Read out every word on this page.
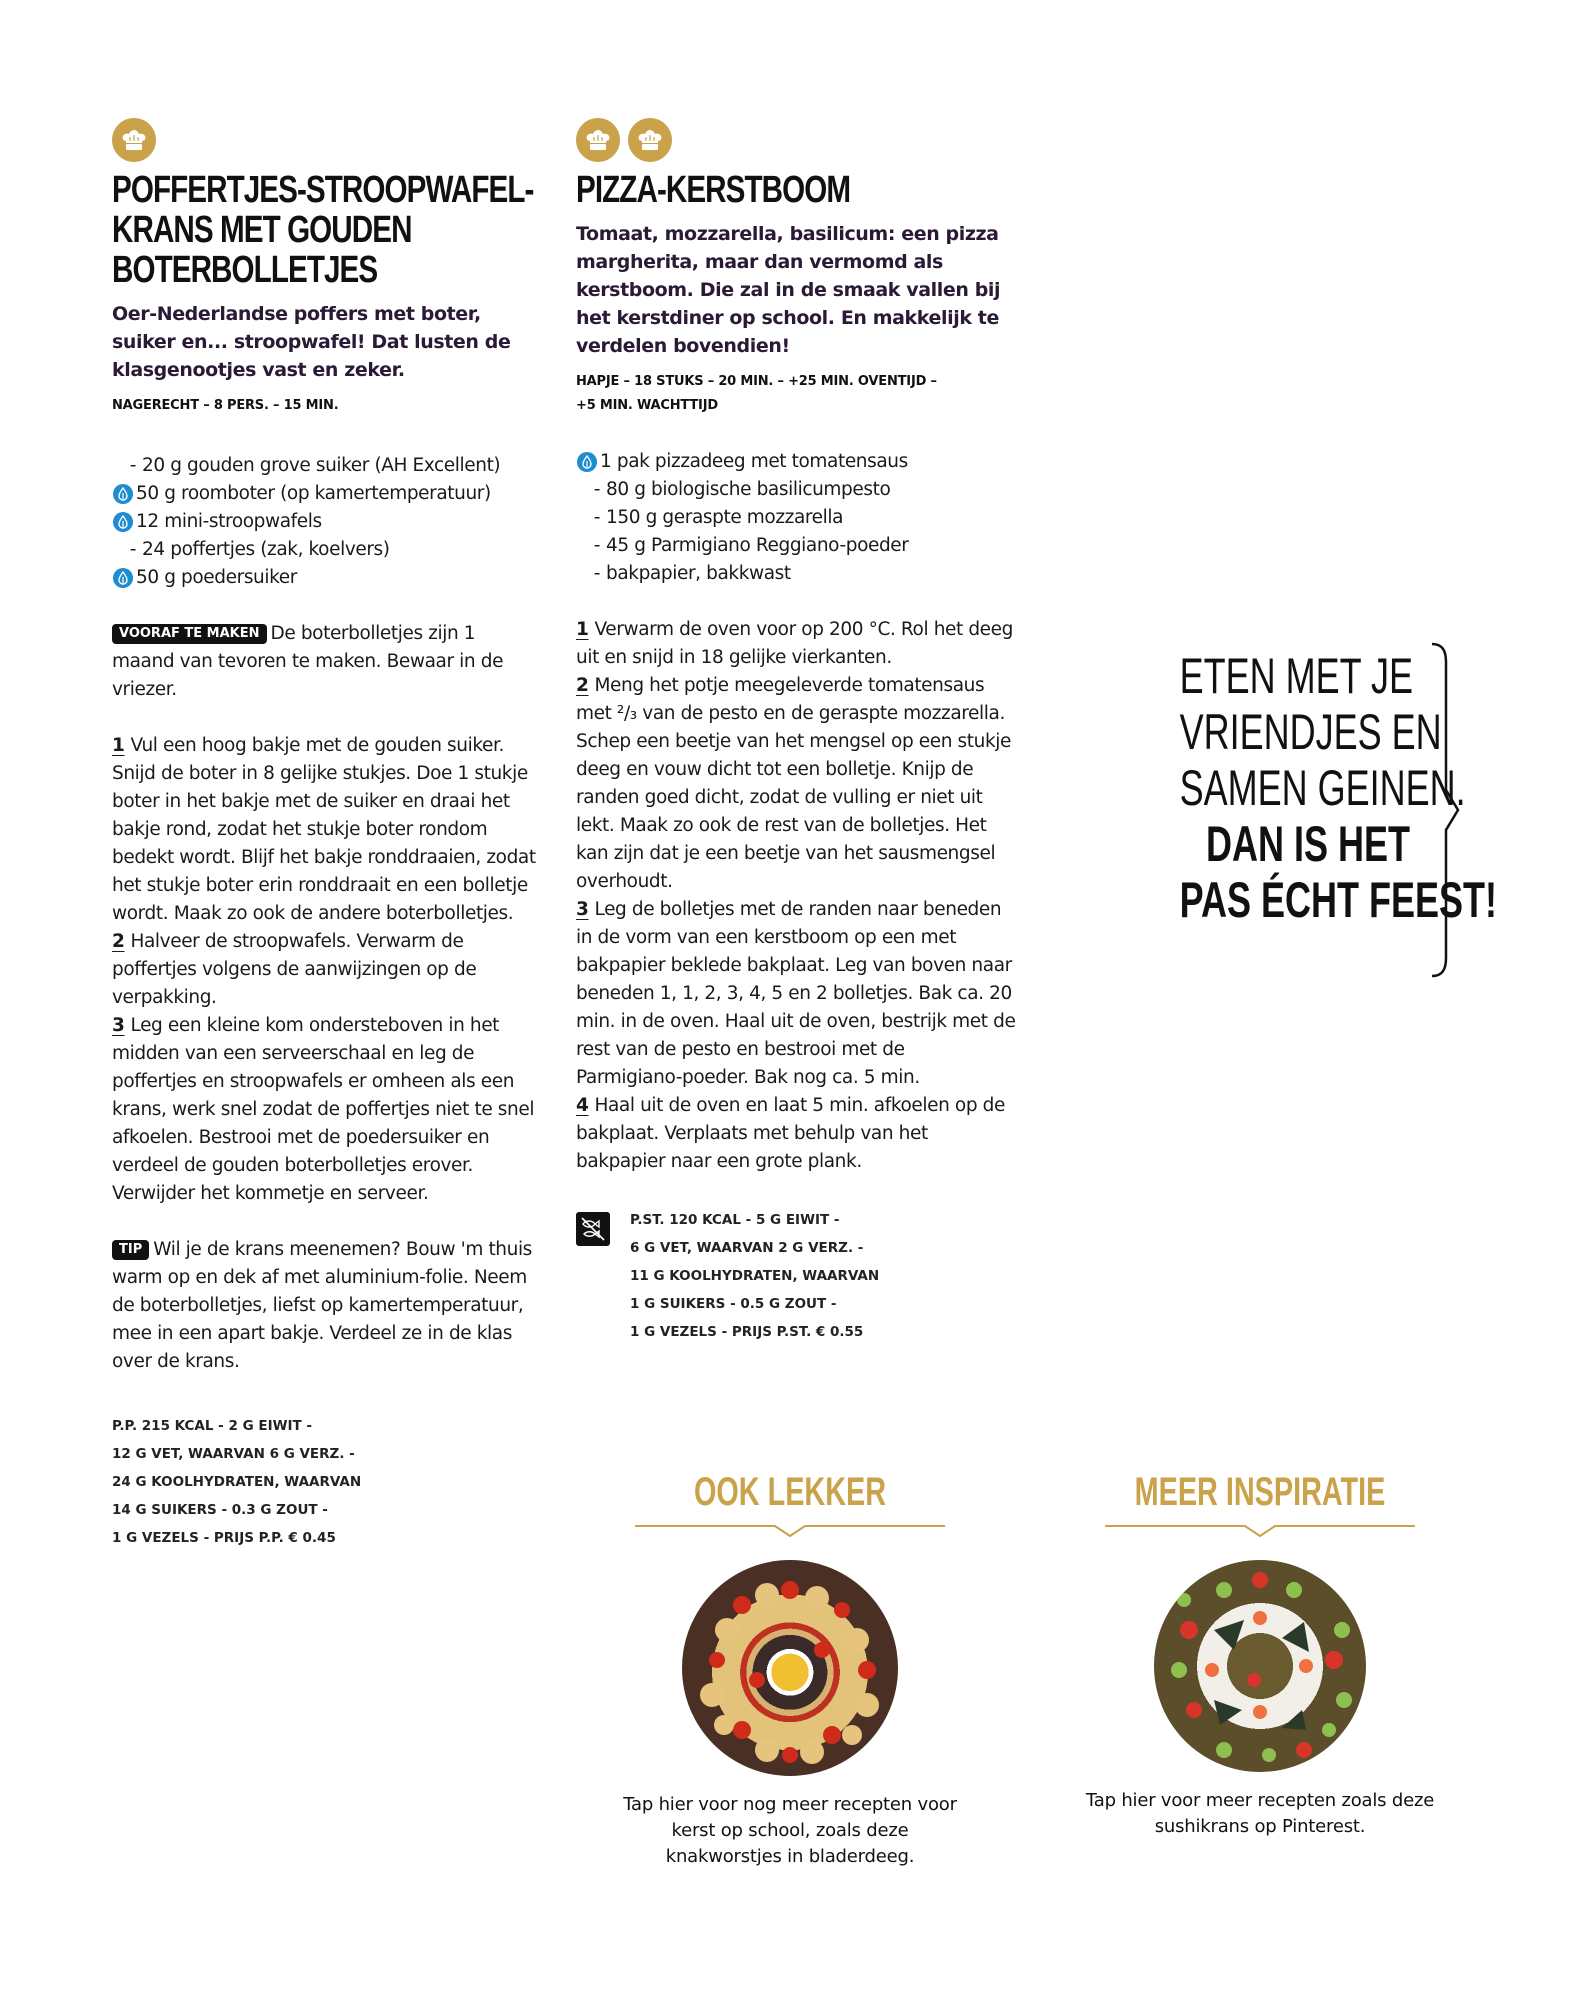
POFFERTJES-STROOPWAFEL-
KRANS MET GOUDEN
BOTERBOLLETJES

Oer-Nederlandse poffers met boter, suiker en... stroopwafel! Dat lusten de klasgenootjes vast en zeker.

NAGERECHT – 8 PERS. – 15 MIN.
- 20 g gouden grove suiker (AH Excellent)
50 g roomboter (op kamertemperatuur)
12 mini-stroopwafels
- 24 poffertjes (zak, koelvers)
50 g poedersuiker

VOORAF TE MAKEN De boterbolletjes zijn 1 maand van tevoren te maken. Bewaar in de vriezer.

1 Vul een hoog bakje met de gouden suiker. Snijd de boter in 8 gelijke stukjes. Doe 1 stukje boter in het bakje met de suiker en draai het bakje rond, zodat het stukje boter rondom bedekt wordt. Blijf het bakje ronddraaien, zodat het stukje boter erin ronddraait en een bolletje wordt. Maak zo ook de andere boterbolletjes.

2 Halveer de stroopwafels. Verwarm de poffertjes volgens de aanwijzingen op de verpakking.

3 Leg een kleine kom ondersteboven in het midden van een serveerschaal en leg de poffertjes en stroopwafels er omheen als een krans, werk snel zodat de poffertjes niet te snel afkoelen. Bestrooi met de poedersuiker en verdeel de gouden boterbolletjes erover. Verwijder het kommetje en serveer.

TIP Wil je de krans meenemen? Bouw 'm thuis warm op en dek af met aluminium-folie. Neem de boterbolletjes, liefst op kamertemperatuur, mee in een apart bakje. Verdeel ze in de klas over de krans.

P.P. 215 KCAL - 2 G EIWIT -
12 G VET, WAARVAN 6 G VERZ. -
24 G KOOLHYDRATEN, WAARVAN
14 G SUIKERS - 0.3 G ZOUT -
1 G VEZELS - PRIJS P.P. € 0.45
PIZZA-KERSTBOOM

Tomaat, mozzarella, basilicum: een pizza margherita, maar dan vermomd als kerstboom. Die zal in de smaak vallen bij het kerstdiner op school. En makkelijk te verdelen bovendien!

HAPJE – 18 STUKS – 20 MIN. – +25 MIN. OVENTIJD –
+5 MIN. WACHTTIJD
1 pak pizzadeeg met tomatensaus
- 80 g biologische basilicumpesto
- 150 g geraspte mozzarella
- 45 g Parmigiano Reggiano-poeder
- bakpapier, bakkwast

1 Verwarm de oven voor op 200 °C. Rol het deeg uit en snijd in 18 gelijke vierkanten.

2 Meng het potje meegeleverde tomatensaus met ²/₃ van de pesto en de geraspte mozzarella. Schep een beetje van het mengsel op een stukje deeg en vouw dicht tot een bolletje. Knijp de randen goed dicht, zodat de vulling er niet uit lekt. Maak zo ook de rest van de bolletjes. Het kan zijn dat je een beetje van het sausmengsel overhoudt.

3 Leg de bolletjes met de randen naar beneden in de vorm van een kerstboom op een met bakpapier beklede bakplaat. Leg van boven naar beneden 1, 1, 2, 3, 4, 5 en 2 bolletjes. Bak ca. 20 min. in de oven. Haal uit de oven, bestrijk met de rest van de pesto en bestrooi met de Parmigiano-poeder. Bak nog ca. 5 min.

4 Haal uit de oven en laat 5 min. afkoelen op de bakplaat. Verplaats met behulp van het bakpapier naar een grote plank.

P.ST. 120 KCAL - 5 G EIWIT -
6 G VET, WAARVAN 2 G VERZ. -
11 G KOOLHYDRATEN, WAARVAN
1 G SUIKERS - 0.5 G ZOUT -
1 G VEZELS - PRIJS P.ST. € 0.55
ETEN MET JE
VRIENDJES EN
SAMEN GEINEN.
DAN IS HET
PAS ÉCHT FEEST!
OOK LEKKER
Tap hier voor nog meer recepten voor kerst op school, zoals deze knakworstjes in bladerdeeg.
MEER INSPIRATIE
Tap hier voor meer recepten zoals deze sushikrans op Pinterest.
